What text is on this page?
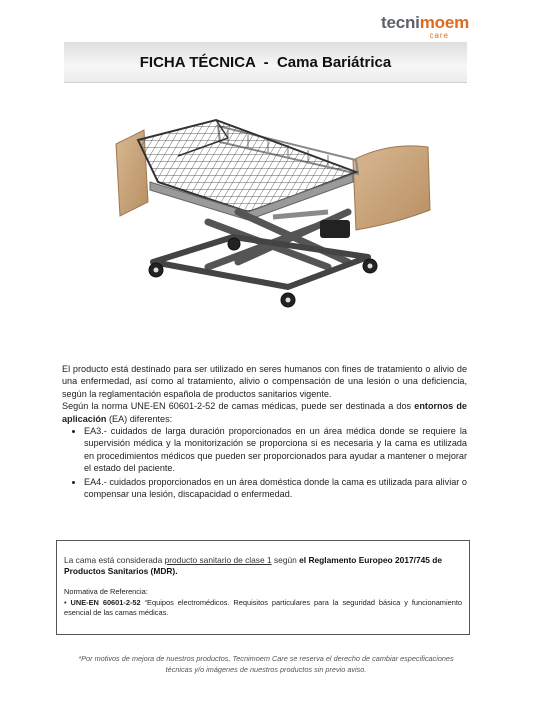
tecnimoem
care
FICHA TÉCNICA  -  Cama Bariátrica

El producto está destinado para ser utilizado en seres humanos con fines de tratamiento o alivio de una enfermedad, así como al tratamiento, alivio o compensación de una lesión o una deficiencia, según la reglamentación española de productos sanitarios vigente.

Según la norma UNE-EN 60601-2-52 de camas médicas, puede ser destinada a dos entornos de aplicación (EA) diferentes:

• EA3.- cuidados de larga duración proporcionados en un área médica donde se requiere la supervisión médica y la monitorización se proporciona si es necesaria y la cama es utilizada en procedimientos médicos que pueden ser proporcionados para ayudar a mantener o mejorar el estado del paciente.
• EA4.- cuidados proporcionados en un área doméstica donde la cama es utilizada para aliviar o compensar una lesión, discapacidad o enfermedad.

La cama está considerada producto sanitario de clase 1 según el Reglamento Europeo 2017/745 de Productos Sanitarios (MDR).

Normativa de Referencia:

• UNE-EN 60601-2-52 “Equipos electromédicos. Requisitos particulares para la seguridad básica y funcionamiento esencial de las camas médicas.

*Por motivos de mejora de nuestros productos, Tecnimoem Care se reserva el derecho de cambiar especificaciones técnicas y/o imágenes de nuestros productos sin previo aviso.
